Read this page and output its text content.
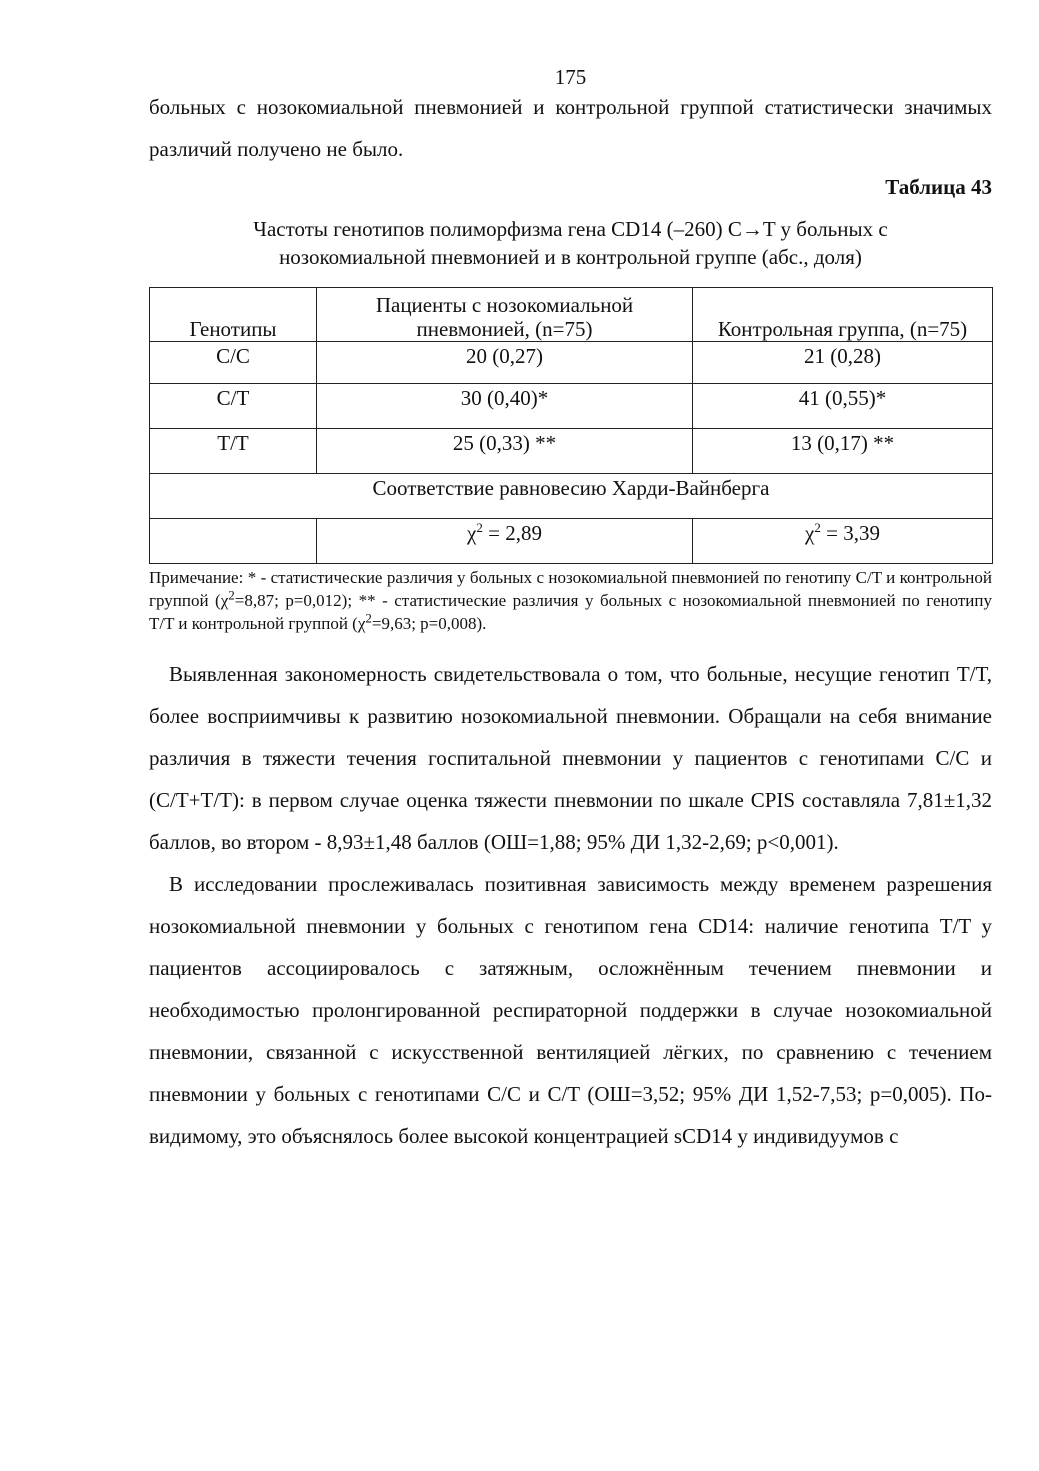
175

больных с нозокомиальной пневмонией и контрольной группой статистически значимых различий получено не было.

Таблица 43
Частоты генотипов полиморфизма гена CD14 (–260) C→T у больных с
нозокомиальной пневмонией и в контрольной группе (абс., доля)
Генотипы	Пациенты с нозокомиальной пневмонией, (n=75)	Контрольная группа, (n=75)
C/C	20 (0,27)	21 (0,28)
C/T	30 (0,40)*	41 (0,55)*
T/T	25 (0,33) **	13 (0,17) **
Соответствие равновесию Харди-Вайнберга		
	$\chi^2 = 2,89$	$\chi^2 = 3,39$
Примечание: * - статистические различия у больных с нозокомиальной пневмонией по генотипу C/T и контрольной группой ($\chi^2=8,87$; p=0,012); ** - статистические различия у больных с нозокомиальной пневмонией по генотипу T/T и контрольной группой ($\chi^2=9,63$; p=0,008).

Выявленная закономерность свидетельствовала о том, что больные, несущие генотип T/T, более восприимчивы к развитию нозокомиальной пневмонии. Обращали на себя внимание различия в тяжести течения госпитальной пневмонии у пациентов с генотипами C/C и (C/T+T/T): в первом случае оценка тяжести пневмонии по шкале CPIS составляла 7,81±1,32 баллов, во втором - 8,93±1,48 баллов (ОШ=1,88; 95% ДИ 1,32-2,69; p<0,001).

В исследовании прослеживалась позитивная зависимость между временем разрешения нозокомиальной пневмонии у больных с генотипом гена CD14: наличие генотипа T/T у пациентов ассоциировалось с затяжным, осложнённым течением пневмонии и необходимостью пролонгированной респираторной поддержки в случае нозокомиальной пневмонии, связанной с искусственной вентиляцией лёгких, по сравнению с течением пневмонии у больных с генотипами C/C и C/T (ОШ=3,52; 95% ДИ 1,52-7,53; p=0,005). По-видимому, это объяснялось более высокой концентрацией sCD14 у индивидуумов с
